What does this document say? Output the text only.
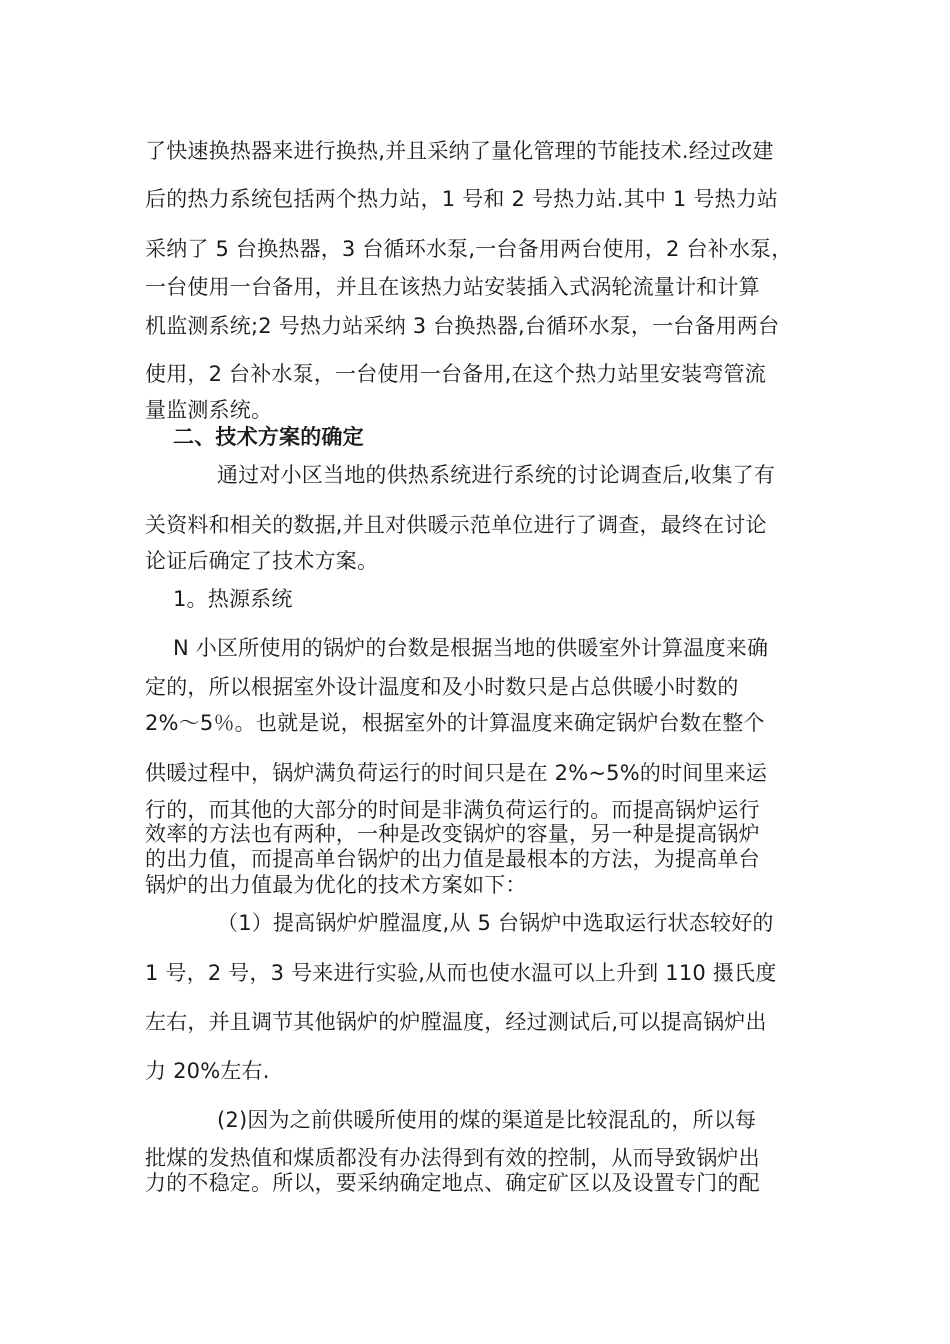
了快速换热器来进行换热,并且采纳了量化管理的节能技术.经过改建
后的热力系统包括两个热力站，1 号和 2 号热力站.其中 1 号热力站
采纳了 5 台换热器，3 台循环水泵,一台备用两台使用，2 台补水泵，
一台使用一台备用，并且在该热力站安装插入式涡轮流量计和计算
机监测系统;2 号热力站采纳 3 台换热器,台循环水泵，一台备用两台
使用，2 台补水泵，一台使用一台备用,在这个热力站里安装弯管流
量监测系统。
二、技术方案的确定
通过对小区当地的供热系统进行系统的讨论调查后,收集了有
关资料和相关的数据,并且对供暖示范单位进行了调查，最终在讨论
论证后确定了技术方案。
1。热源系统
N 小区所使用的锅炉的台数是根据当地的供暖室外计算温度来确
定的，所以根据室外设计温度和及小时数只是占总供暖小时数的
2%～5％。也就是说，根据室外的计算温度来确定锅炉台数在整个
供暖过程中，锅炉满负荷运行的时间只是在 2%~5%的时间里来运
行的，而其他的大部分的时间是非满负荷运行的。而提高锅炉运行
效率的方法也有两种，一种是改变锅炉的容量，另一种是提高锅炉
的出力值，而提高单台锅炉的出力值是最根本的方法，为提高单台
锅炉的出力值最为优化的技术方案如下：
（1）提高锅炉炉膛温度,从 5 台锅炉中选取运行状态较好的
1 号，2 号，3 号来进行实验,从而也使水温可以上升到 110 摄氏度
左右，并且调节其他锅炉的炉膛温度，经过测试后,可以提高锅炉出
力 20%左右.
(2)因为之前供暖所使用的煤的渠道是比较混乱的，所以每
批煤的发热值和煤质都没有办法得到有效的控制，从而导致锅炉出
力的不稳定。所以，要采纳确定地点、确定矿区以及设置专门的配
